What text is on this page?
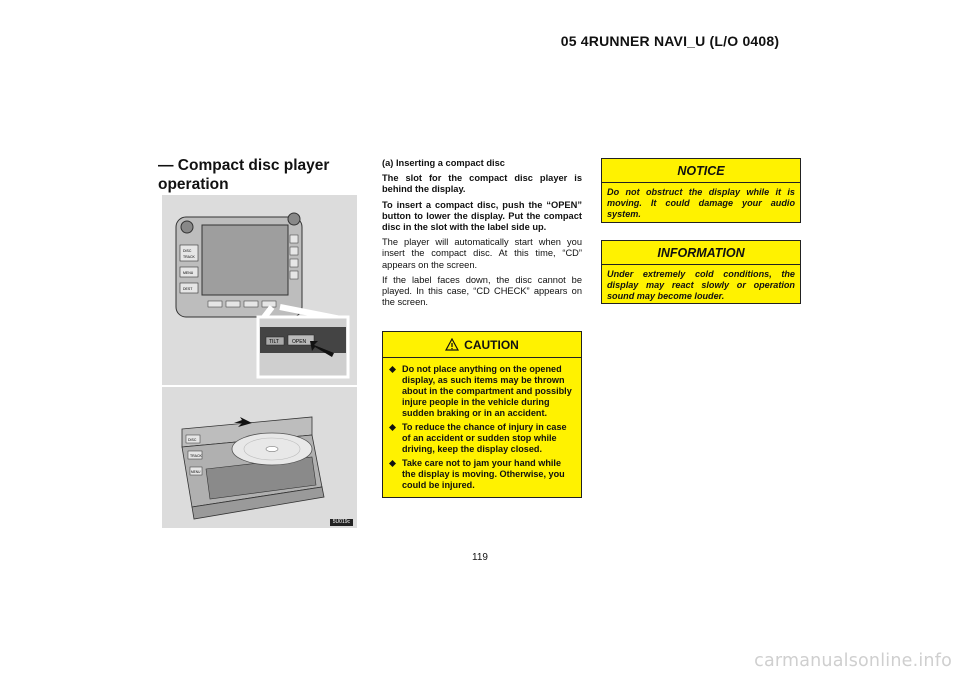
05 4RUNNER NAVI_U (L/O 0408)
— Compact disc player
operation
DISC
TRACK
MENU
DEST
TILT	OPEN
DISC
TRACK
MENU
5U019c

(a) Inserting a compact disc

The slot for the compact disc player is behind the display.

To insert a compact disc, push the “OPEN” button to lower the display. Put the compact disc in the slot with the label side up.

The player will automatically start when you insert the compact disc. At this time, “CD” appears on the screen.

If the label faces down, the disc cannot be played. In this case, “CD CHECK” appears on the screen.

CAUTION
Do not place anything on the opened display, as such items may be thrown about in the compartment and possibly injure people in the vehicle during sudden braking or in an accident.
To reduce the chance of injury in case of an accident or sudden stop while driving, keep the display closed.
Take care not to jam your hand while the display is moving. Otherwise, you could be injured.
NOTICE
Do not obstruct the display while it is moving. It could damage your audio system.
INFORMATION
Under extremely cold conditions, the display may react slowly or operation sound may become louder.
119
carmanualsonline.info
